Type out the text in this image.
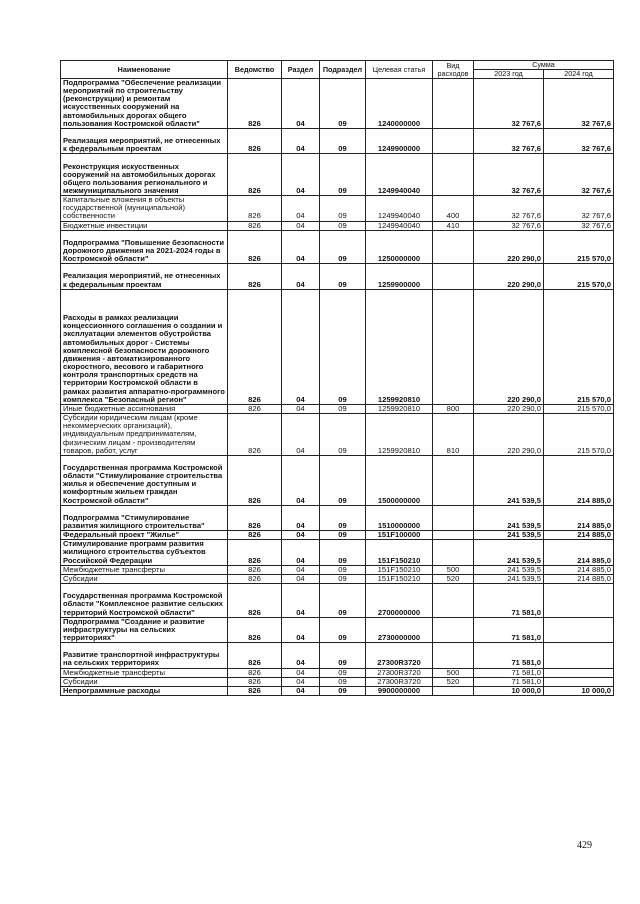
Наименование	Ведомство	Раздел	Подраздел	Целевая статья	Вид расходов	Сумма	
						2023 год	2024 год
Подпрограмма "Обеспечение реализации мероприятий по строительству (реконструкции) и ремонтам искусственных сооружений на автомобильных дорогах общего пользования Костромской области"	826	04	09	1240000000		32 767,6	32 767,6
Реализация мероприятий, не отнесенных к федеральным проектам	826	04	09	1249900000		32 767,6	32 767,6
Реконструкция искусственных сооружений на автомобильных дорогах общего пользования регионального и межмуниципального значения	826	04	09	1249940040		32 767,6	32 767,6
Капитальные вложения в объекты государственной (муниципальной) собственности	826	04	09	1249940040	400	32 767,6	32 767,6
Бюджетные инвестиции	826	04	09	1249940040	410	32 767,6	32 767,6
Подпрограмма "Повышение безопасности дорожного движения на 2021-2024 годы в Костромской области"	826	04	09	1250000000		220 290,0	215 570,0
Реализация мероприятий, не отнесенных к федеральным проектам	826	04	09	1259900000		220 290,0	215 570,0
Расходы в рамках реализации концессионного соглашения о создании и эксплуатации элементов обустройства автомобильных дорог - Системы комплексной безопасности дорожного движения - автоматизированного скоростного, весового и габаритного контроля транспортных средств на территории Костромской области в рамках развития аппаратно-программного комплекса "Безопасный регион"	826	04	09	1259920810		220 290,0	215 570,0
Иные бюджетные ассигнования	826	04	09	1259920810	800	220 290,0	215 570,0
Субсидии юридическим лицам (кроме некоммерческих организаций), индивидуальным предпринимателям, физическим лицам - производителям товаров, работ, услуг	826	04	09	1259920810	810	220 290,0	215 570,0
Государственная программа Костромской области "Стимулирование строительства жилья и обеспечение доступным и комфортным жильем граждан Костромской области"	826	04	09	1500000000		241 539,5	214 885,0
Подпрограмма "Стимулирование развития жилищного строительства"	826	04	09	1510000000		241 539,5	214 885,0
Федеральный проект "Жилье"	826	04	09	151F100000		241 539,5	214 885,0
Стимулирование программ развития жилищного строительства субъектов Российской Федерации	826	04	09	151F150210		241 539,5	214 885,0
Межбюджетные трансферты	826	04	09	151F150210	500	241 539,5	214 885,0
Субсидии	826	04	09	151F150210	520	241 539,5	214 885,0
Государственная программа Костромской области "Комплексное развитие сельских территорий Костромской области"	826	04	09	2700000000		71 581,0	
Подпрограмма "Создание и развитие инфраструктуры на сельских территориях"	826	04	09	2730000000		71 581,0	
Развитие транспортной инфраструктуры на сельских территориях	826	04	09	27300R3720		71 581,0	
Межбюджетные трансферты	826	04	09	27300R3720	500	71 581,0	
Субсидии	826	04	09	27300R3720	520	71 581,0	
Непрограммные расходы	826	04	09	9900000000		10 000,0	10 000,0
429
